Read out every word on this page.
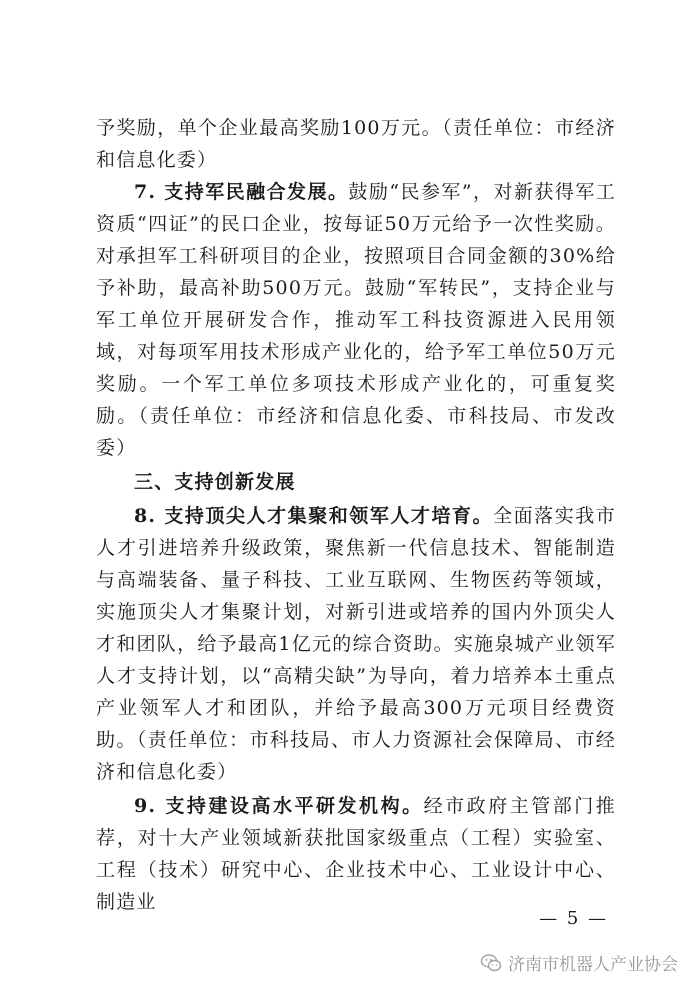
予奖励，单个企业最高奖励100万元。（责任单位：市经济和信息化委）

7. 支持军民融合发展。鼓励“民参军”，对新获得军工资质“四证”的民口企业，按每证50万元给予一次性奖励。对承担军工科研项目的企业，按照项目合同金额的30%给予补助，最高补助500万元。鼓励“军转民”，支持企业与军工单位开展研发合作，推动军工科技资源进入民用领域，对每项军用技术形成产业化的，给予军工单位50万元奖励。一个军工单位多项技术形成产业化的，可重复奖励。（责任单位：市经济和信息化委、市科技局、市发改委）

三、支持创新发展

8. 支持顶尖人才集聚和领军人才培育。全面落实我市人才引进培养升级政策，聚焦新一代信息技术、智能制造与高端装备、量子科技、工业互联网、生物医药等领域，实施顶尖人才集聚计划，对新引进或培养的国内外顶尖人才和团队，给予最高1亿元的综合资助。实施泉城产业领军人才支持计划，以“高精尖缺”为导向，着力培养本土重点产业领军人才和团队，并给予最高300万元项目经费资助。（责任单位：市科技局、市人力资源社会保障局、市经济和信息化委）

9. 支持建设高水平研发机构。经市政府主管部门推荐，对十大产业领域新获批国家级重点（工程）实验室、工程（技术）研究中心、企业技术中心、工业设计中心、制造业

— 5 —
济南市机器人产业协会
